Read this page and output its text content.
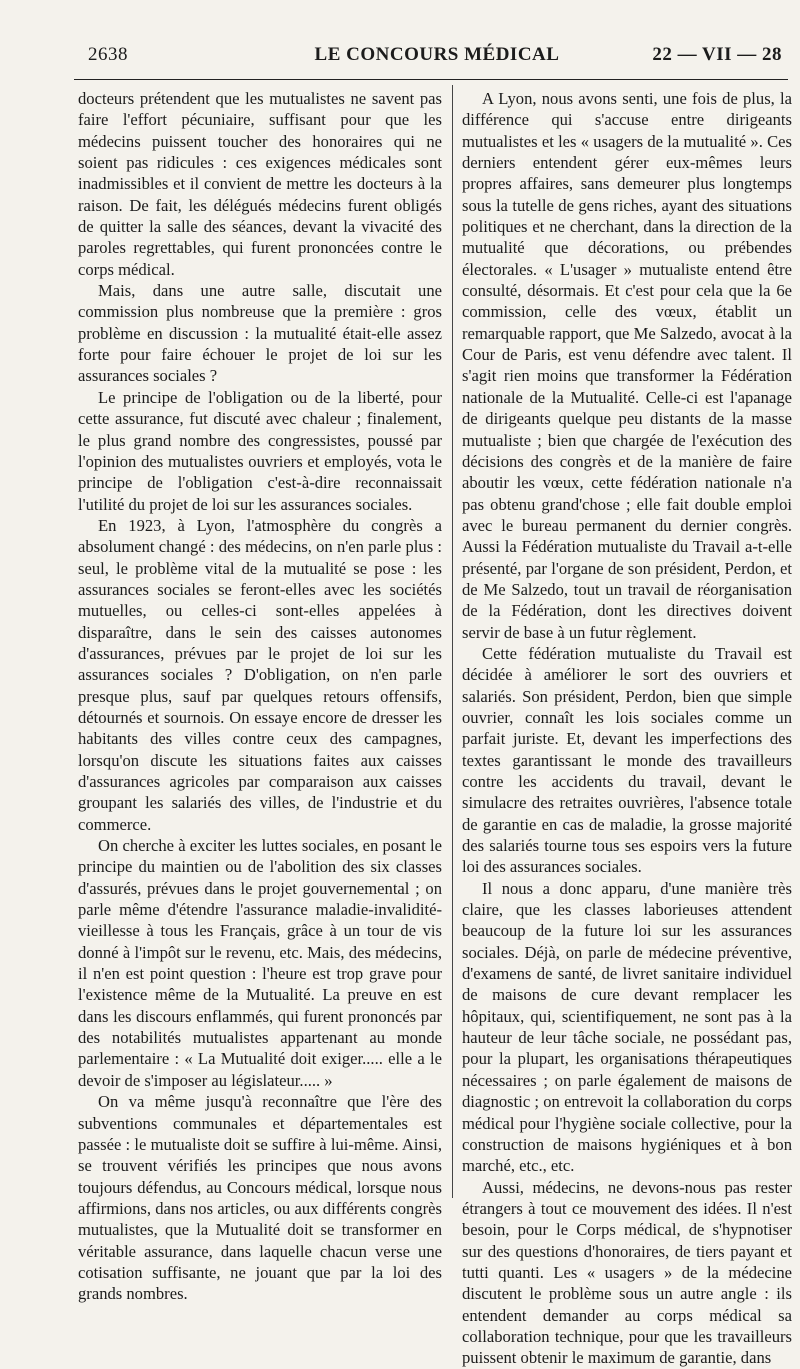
2638	LE CONCOURS MÉDICAL	22 — VII — 28

docteurs prétendent que les mutualistes ne savent pas faire l'effort pécuniaire, suffisant pour que les médecins puissent toucher des honoraires qui ne soient pas ridicules : ces exigences médicales sont inadmissibles et il convient de mettre les docteurs à la raison. De fait, les délégués médecins furent obligés de quitter la salle des séances, devant la vivacité des paroles regrettables, qui furent prononcées contre le corps médical.

Mais, dans une autre salle, discutait une commission plus nombreuse que la première : gros problème en discussion : la mutualité était-elle assez forte pour faire échouer le projet de loi sur les assurances sociales ?

Le principe de l'obligation ou de la liberté, pour cette assurance, fut discuté avec chaleur ; finalement, le plus grand nombre des congressistes, poussé par l'opinion des mutualistes ouvriers et employés, vota le principe de l'obligation c'est-à-dire reconnaissait l'utilité du projet de loi sur les assurances sociales.

En 1923, à Lyon, l'atmosphère du congrès a absolument changé : des médecins, on n'en parle plus : seul, le problème vital de la mutualité se pose : les assurances sociales se feront-elles avec les sociétés mutuelles, ou celles-ci sont-elles appelées à disparaître, dans le sein des caisses autonomes d'assurances, prévues par le projet de loi sur les assurances sociales ? D'obligation, on n'en parle presque plus, sauf par quelques retours offensifs, détournés et sournois. On essaye encore de dresser les habitants des villes contre ceux des campagnes, lorsqu'on discute les situations faites aux caisses d'assurances agricoles par comparaison aux caisses groupant les salariés des villes, de l'industrie et du commerce.

On cherche à exciter les luttes sociales, en posant le principe du maintien ou de l'abolition des six classes d'assurés, prévues dans le projet gouvernemental ; on parle même d'étendre l'assurance maladie-invalidité-vieillesse à tous les Français, grâce à un tour de vis donné à l'impôt sur le revenu, etc. Mais, des médecins, il n'en est point question : l'heure est trop grave pour l'existence même de la Mutualité. La preuve en est dans les discours enflammés, qui furent prononcés par des notabilités mutualistes appartenant au monde parlementaire : « La Mutualité doit exiger..... elle a le devoir de s'imposer au législateur..... »

On va même jusqu'à reconnaître que l'ère des subventions communales et départementales est passée : le mutualiste doit se suffire à lui-même. Ainsi, se trouvent vérifiés les principes que nous avons toujours défendus, au Concours médical, lorsque nous affirmions, dans nos articles, ou aux différents congrès mutualistes, que la Mutualité doit se transformer en véritable assurance, dans laquelle chacun verse une cotisation suffisante, ne jouant que par la loi des grands nombres.

A Lyon, nous avons senti, une fois de plus, la différence qui s'accuse entre dirigeants mutualistes et les « usagers de la mutualité ». Ces derniers entendent gérer eux-mêmes leurs propres affaires, sans demeurer plus longtemps sous la tutelle de gens riches, ayant des situations politiques et ne cherchant, dans la direction de la mutualité que décorations, ou prébendes électorales. « L'usager » mutualiste entend être consulté, désormais. Et c'est pour cela que la 6e commission, celle des vœux, établit un remarquable rapport, que Me Salzedo, avocat à la Cour de Paris, est venu défendre avec talent. Il s'agit rien moins que transformer la Fédération nationale de la Mutualité. Celle-ci est l'apanage de dirigeants quelque peu distants de la masse mutualiste ; bien que chargée de l'exécution des décisions des congrès et de la manière de faire aboutir les vœux, cette fédération nationale n'a pas obtenu grand'chose ; elle fait double emploi avec le bureau permanent du dernier congrès. Aussi la Fédération mutualiste du Travail a-t-elle présenté, par l'organe de son président, Perdon, et de Me Salzedo, tout un travail de réorganisation de la Fédération, dont les directives doivent servir de base à un futur règlement.

Cette fédération mutualiste du Travail est décidée à améliorer le sort des ouvriers et salariés. Son président, Perdon, bien que simple ouvrier, connaît les lois sociales comme un parfait juriste. Et, devant les imperfections des textes garantissant le monde des travailleurs contre les accidents du travail, devant le simulacre des retraites ouvrières, l'absence totale de garantie en cas de maladie, la grosse majorité des salariés tourne tous ses espoirs vers la future loi des assurances sociales.

Il nous a donc apparu, d'une manière très claire, que les classes laborieuses attendent beaucoup de la future loi sur les assurances sociales. Déjà, on parle de médecine préventive, d'examens de santé, de livret sanitaire individuel de maisons de cure devant remplacer les hôpitaux, qui, scientifiquement, ne sont pas à la hauteur de leur tâche sociale, ne possédant pas, pour la plupart, les organisations thérapeutiques nécessaires ; on parle également de maisons de diagnostic ; on entrevoit la collaboration du corps médical pour l'hygiène sociale collective, pour la construction de maisons hygiéniques et à bon marché, etc., etc.

Aussi, médecins, ne devons-nous pas rester étrangers à tout ce mouvement des idées. Il n'est besoin, pour le Corps médical, de s'hypnotiser sur des questions d'honoraires, de tiers payant et tutti quanti. Les « usagers » de la médecine discutent le problème sous un autre angle : ils entendent demander au corps médical sa collaboration technique, pour que les travailleurs puissent obtenir le maximum de garantie, dans
